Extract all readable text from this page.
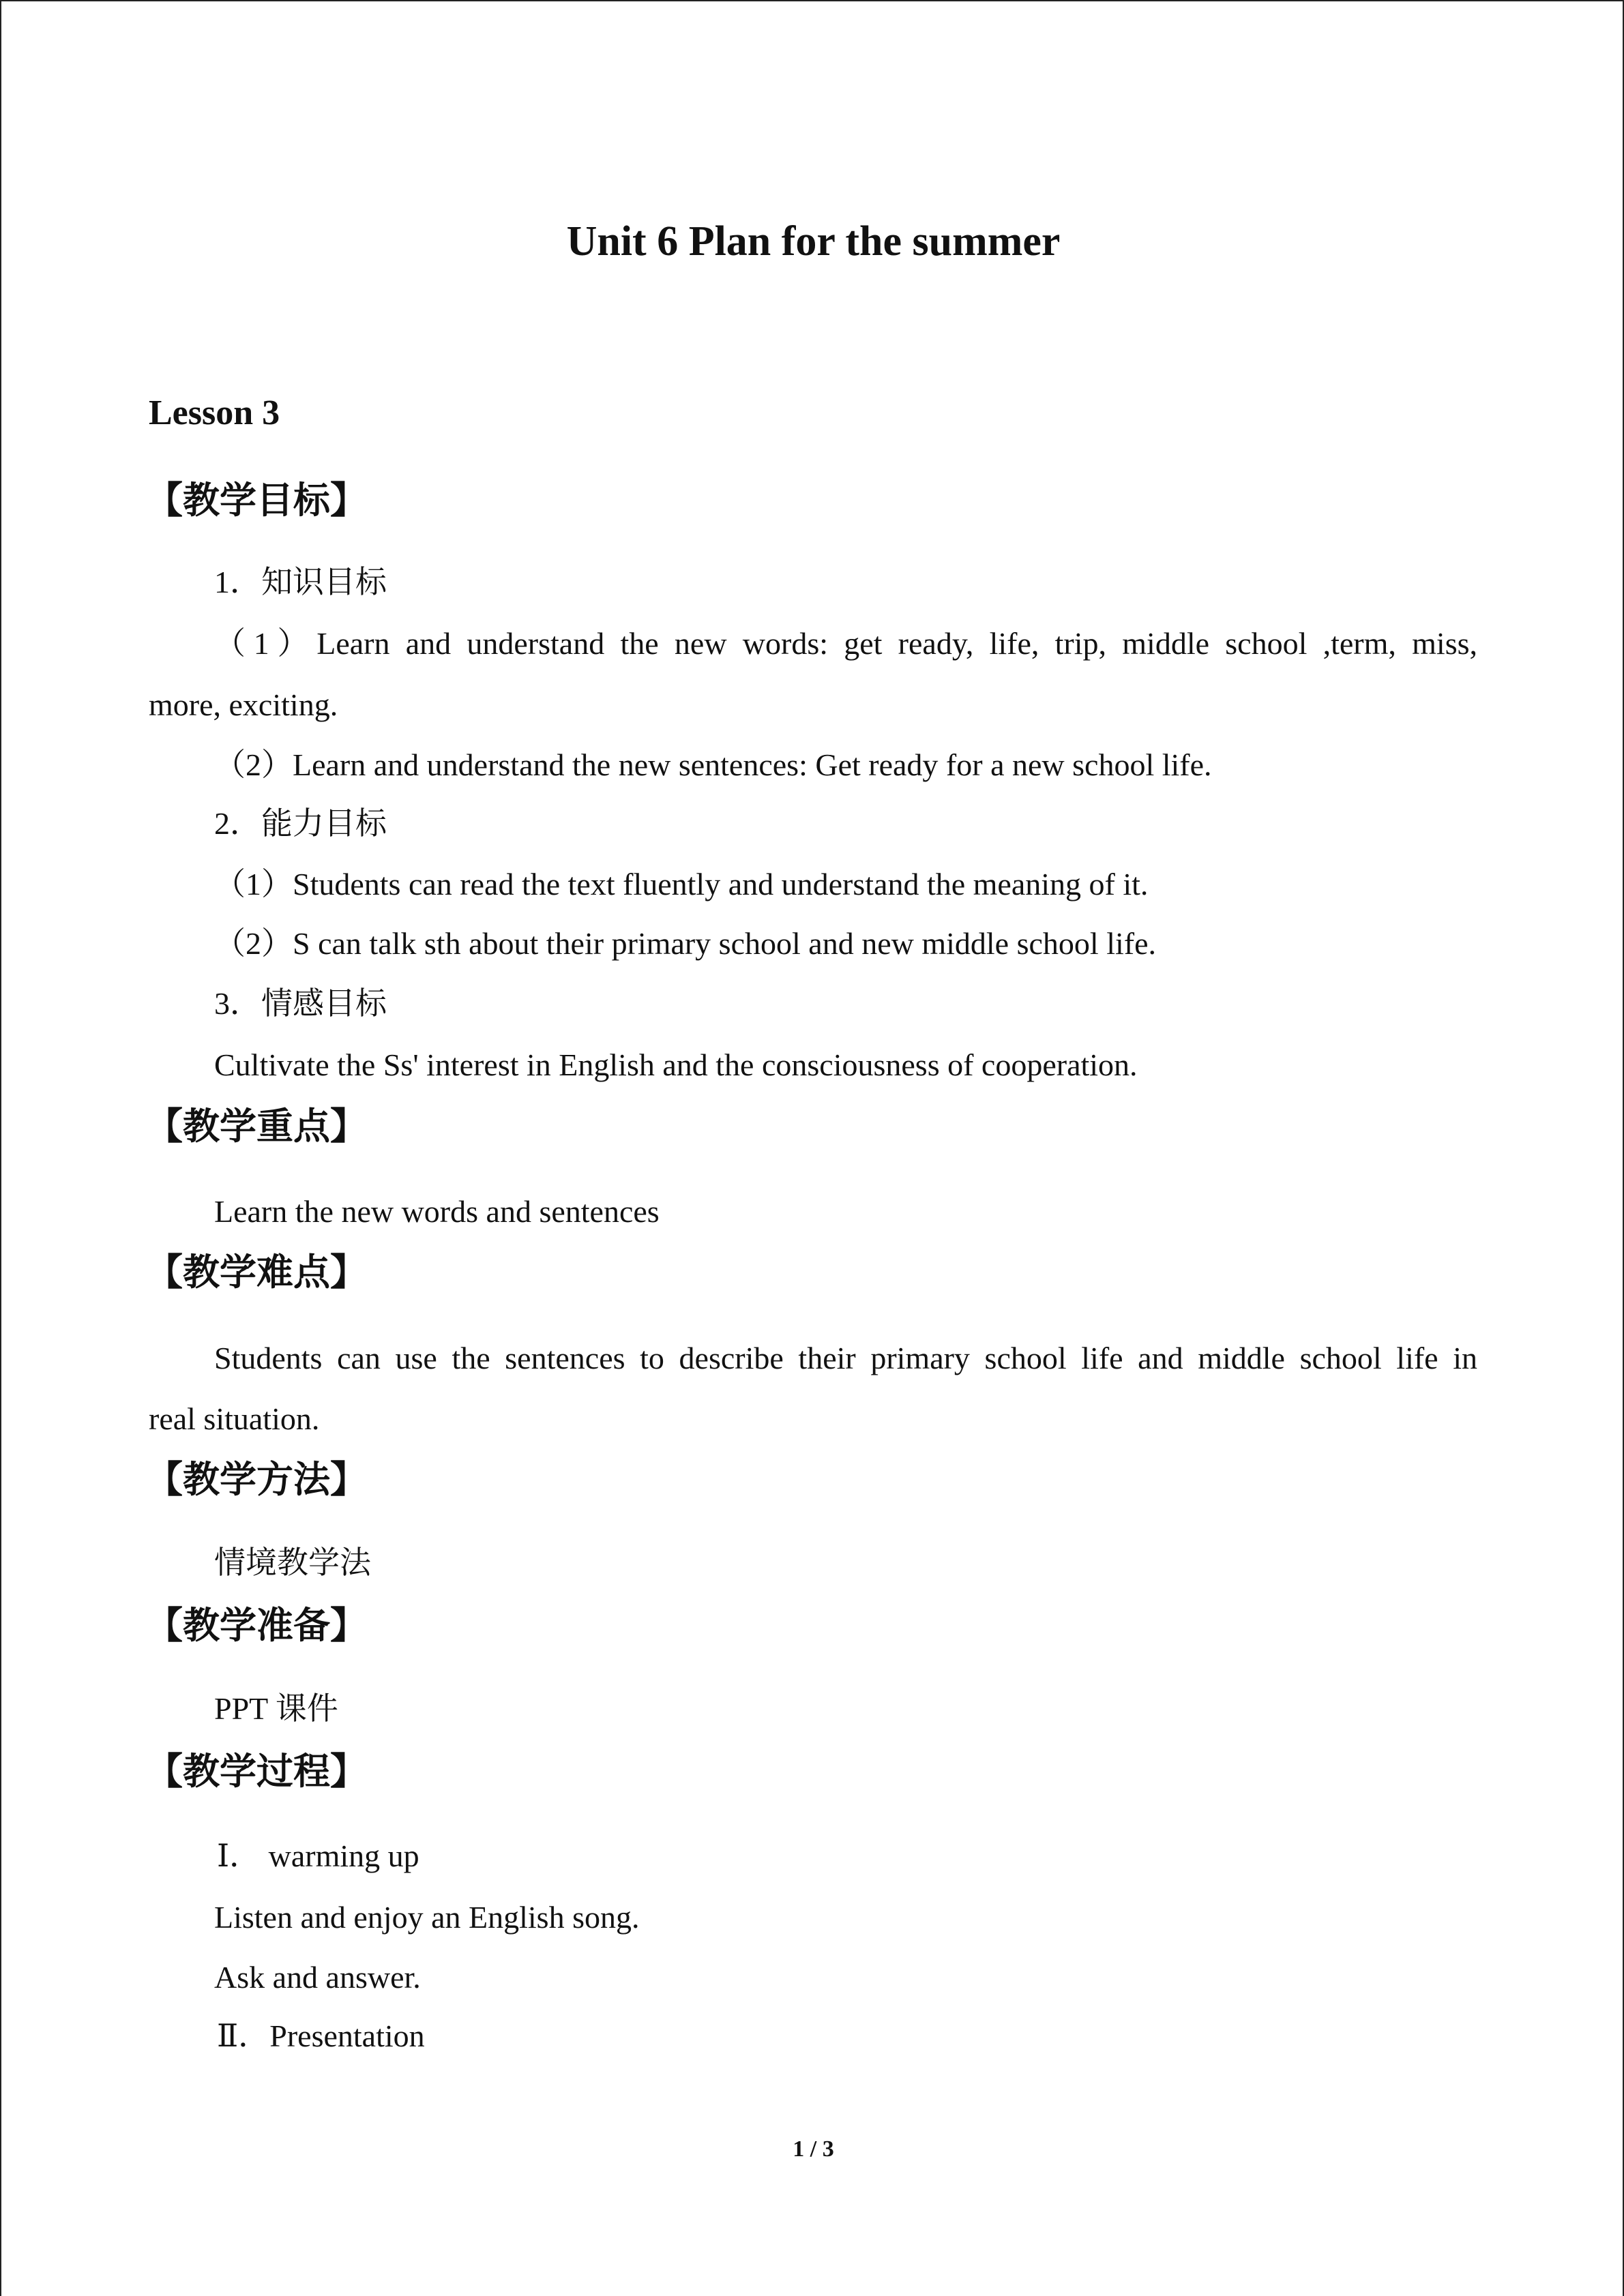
Unit 6 Plan for the summer
Lesson 3
【教学目标】
1．知识目标
（1）Learn and understand the new words: get ready, life, trip, middle school ,term, miss,
more, exciting.
（2）Learn and understand the new sentences: Get ready for a new school life.
2．能力目标
（1）Students can read the text fluently and understand the meaning of it.
（2）S can talk sth about their primary school and new middle school life.
3．情感目标
Cultivate the Ss' interest in English and the consciousness of cooperation.
【教学重点】
Learn the new words and sentences
【教学难点】
Students can use the sentences to describe their primary school life and middle school life in
real situation.
【教学方法】
情境教学法
【教学准备】
PPT 课件
【教学过程】
Ⅰ． warming up
Listen and enjoy an English song.
Ask and answer.
Ⅱ．Presentation
1 / 3
